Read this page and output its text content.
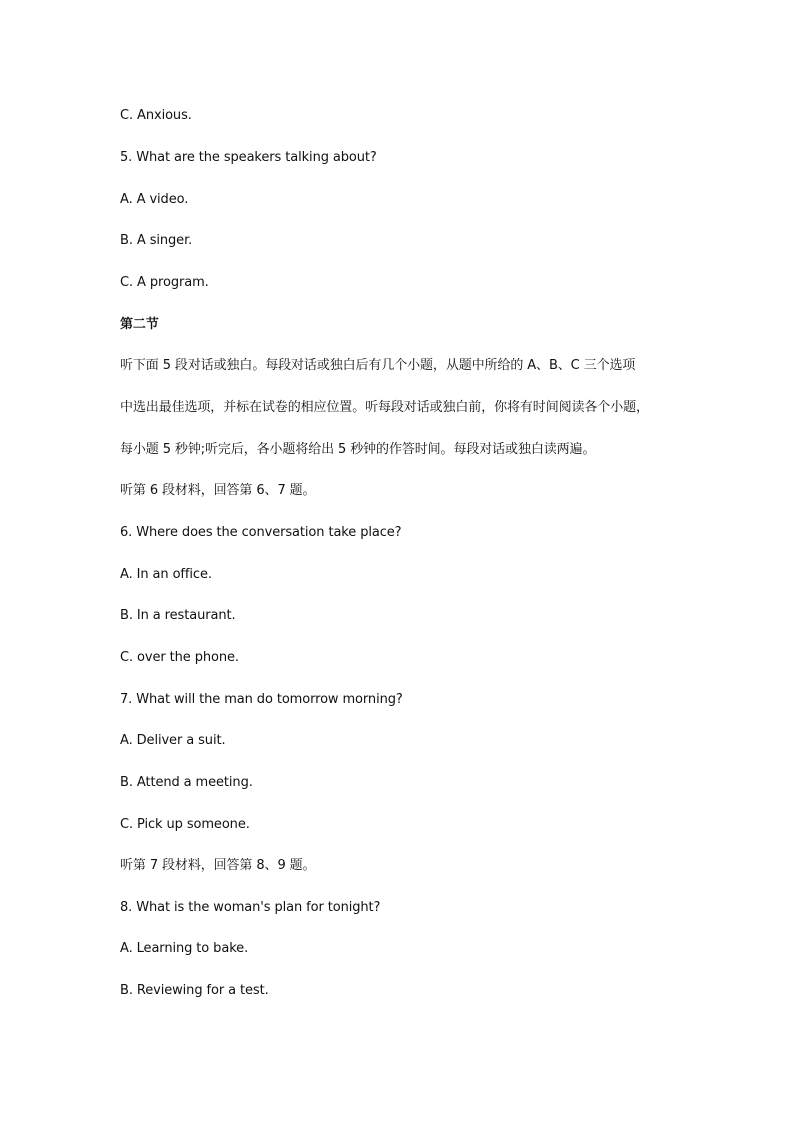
C. Anxious.
5. What are the speakers talking about?
A. A video.
B. A singer.
C. A program.
第二节
听下面 5 段对话或独白。每段对话或独白后有几个小题，从题中所给的 A、B、C 三个选项
中选出最佳选项，并标在试卷的相应位置。听每段对话或独白前，你将有时间阅读各个小题，
每小题 5 秒钟;听完后，各小题将给出 5 秒钟的作答时间。每段对话或独白读两遍。
听第 6 段材料，回答第 6、7 题。
6. Where does the conversation take place?
A. In an office.
B. In a restaurant.
C. over the phone.
7. What will the man do tomorrow morning?
A. Deliver a suit.
B. Attend a meeting.
C. Pick up someone.
听第 7 段材料，回答第 8、9 题。
8. What is the woman's plan for tonight?
A. Learning to bake.
B. Reviewing for a test.
